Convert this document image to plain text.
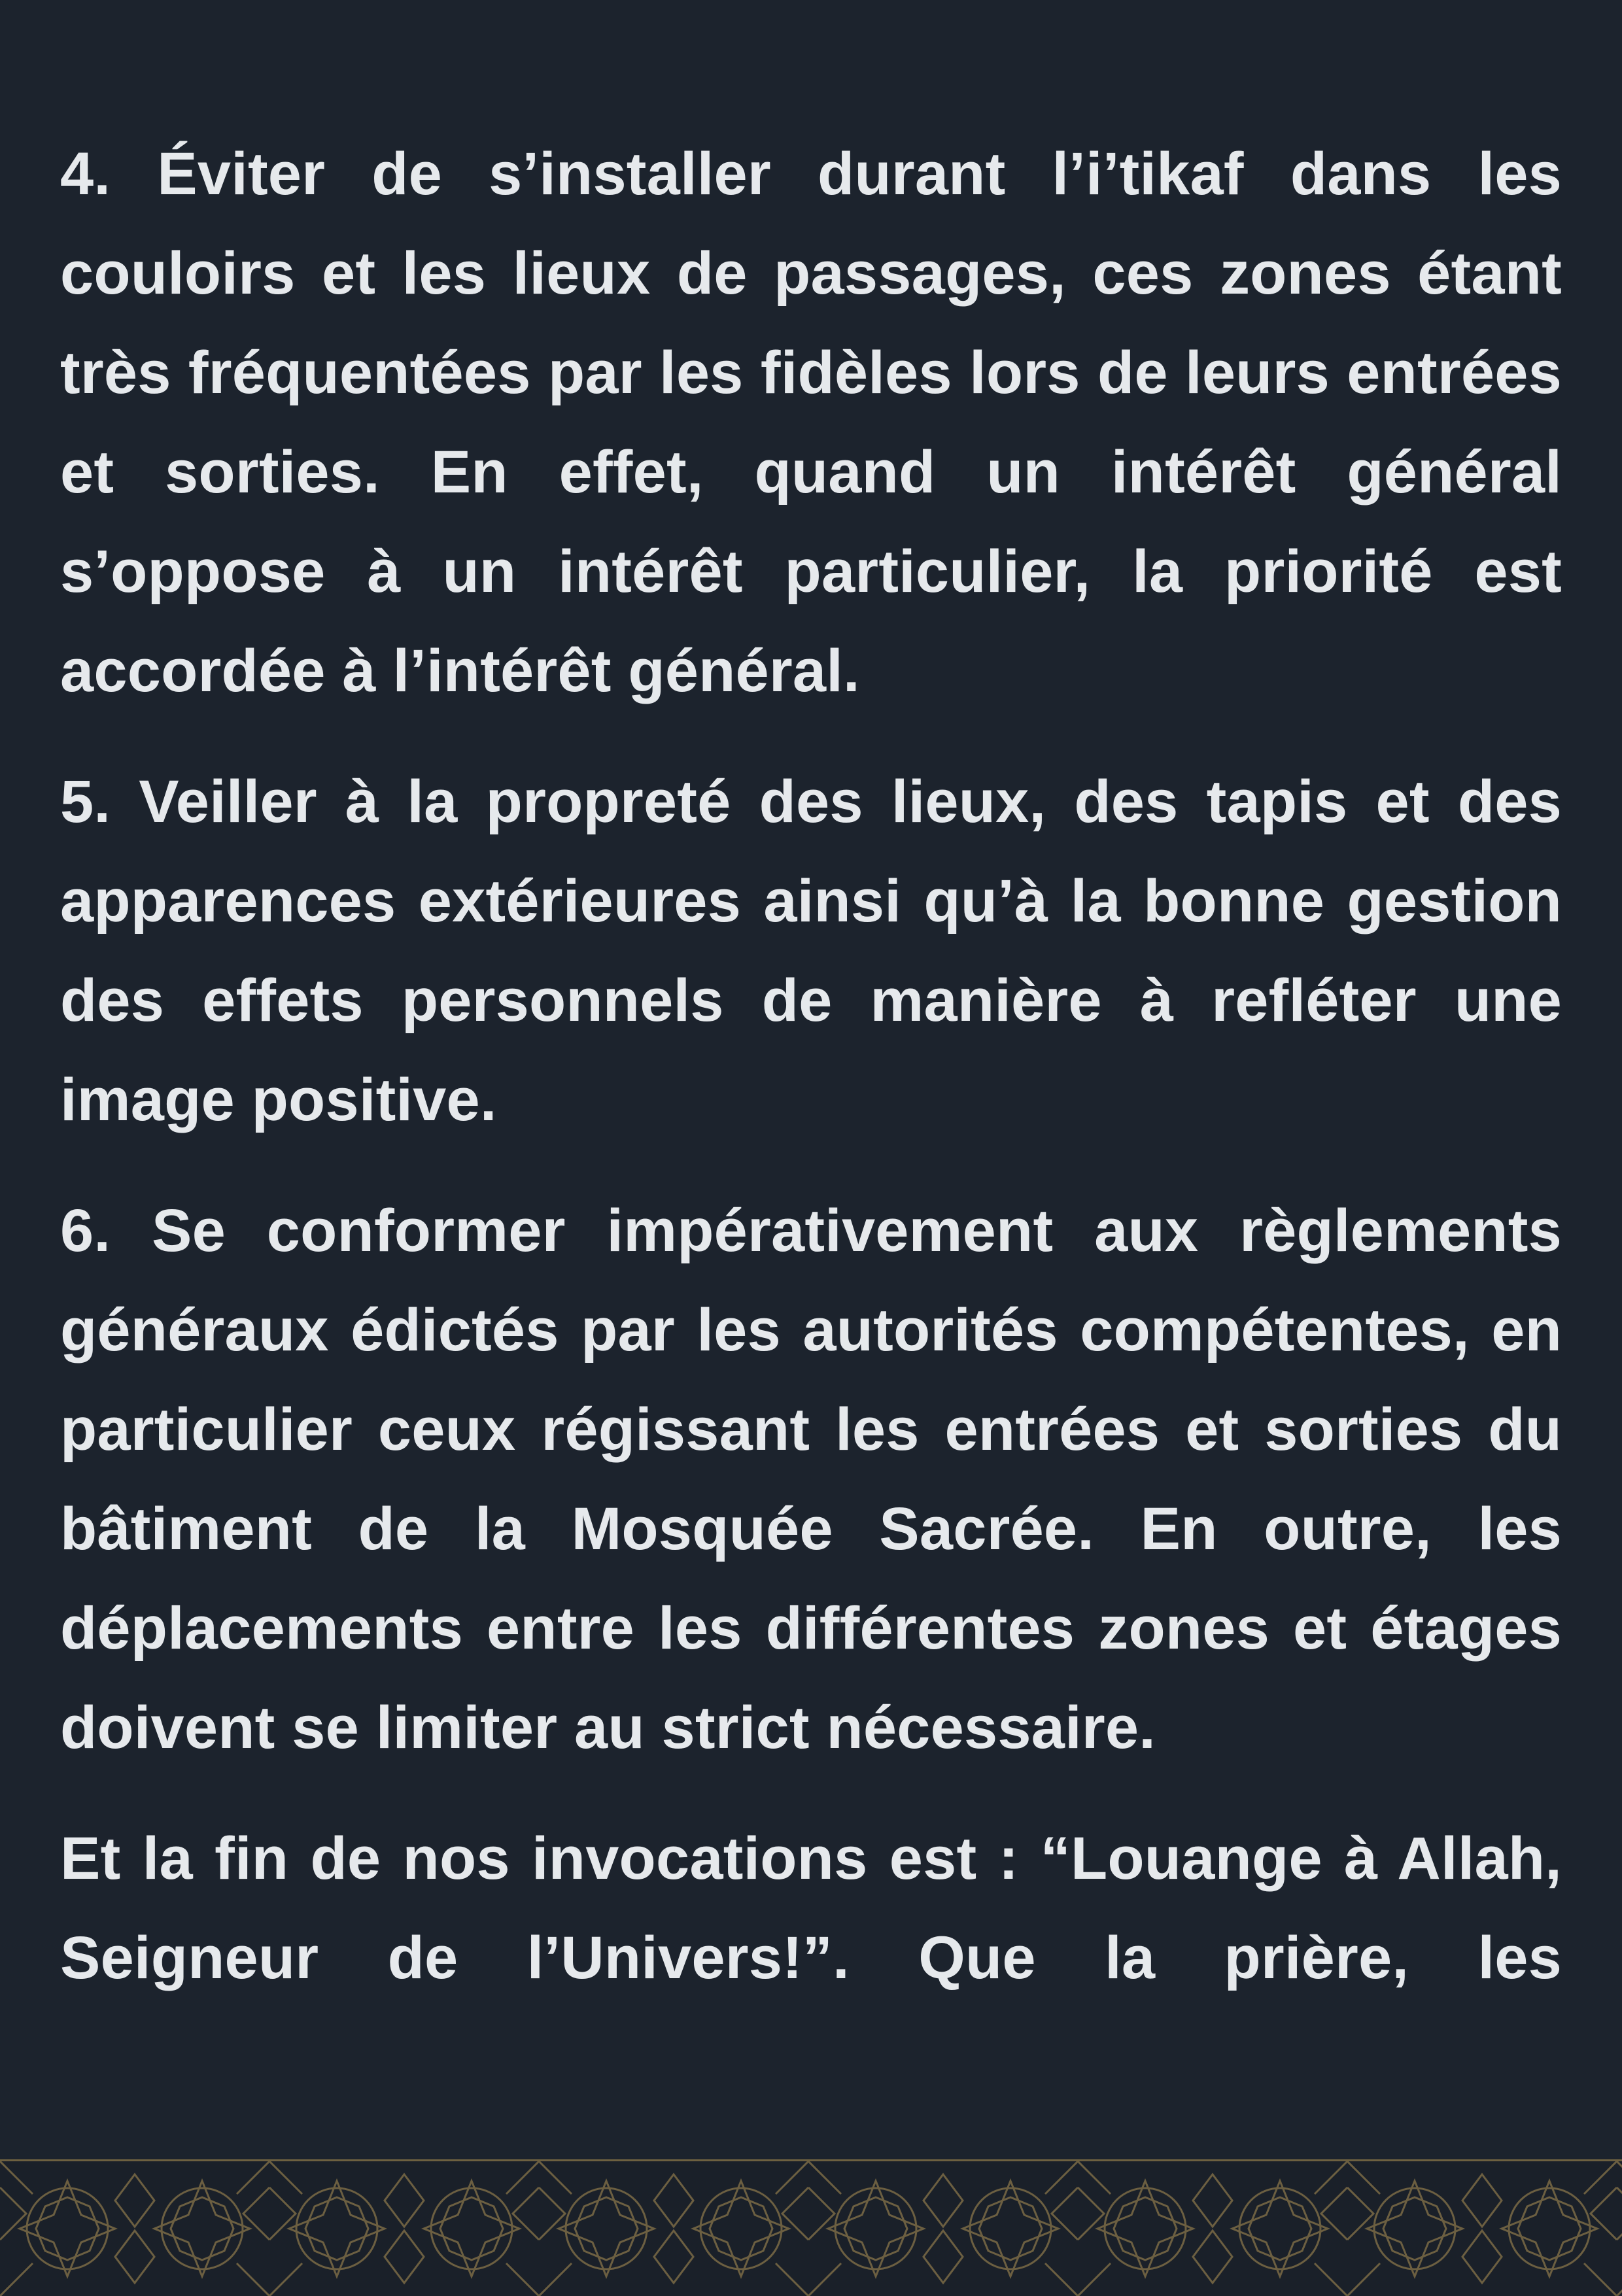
4. Éviter de s’installer durant l’i’tikaf dans les couloirs et les lieux de passages, ces zones étant très fréquentées par les fidèles lors de leurs entrées et sorties. En effet, quand un intérêt général s’oppose à un intérêt particulier, la priorité est accordée à l’intérêt général.

5. Veiller à la propreté des lieux, des tapis et des apparences extérieures ainsi qu’à la bonne gestion des effets personnels de manière à refléter une image positive.

6. Se conformer impérativement aux règlements généraux édictés par les autorités compétentes, en particulier ceux régissant les entrées et sorties du bâtiment de la Mosquée Sacrée. En outre, les déplacements entre les différentes zones et étages doivent se limiter au strict nécessaire.

Et la fin de nos invocations est : “Louange à Allah, Seigneur de l’Univers!”. Que la prière, les
